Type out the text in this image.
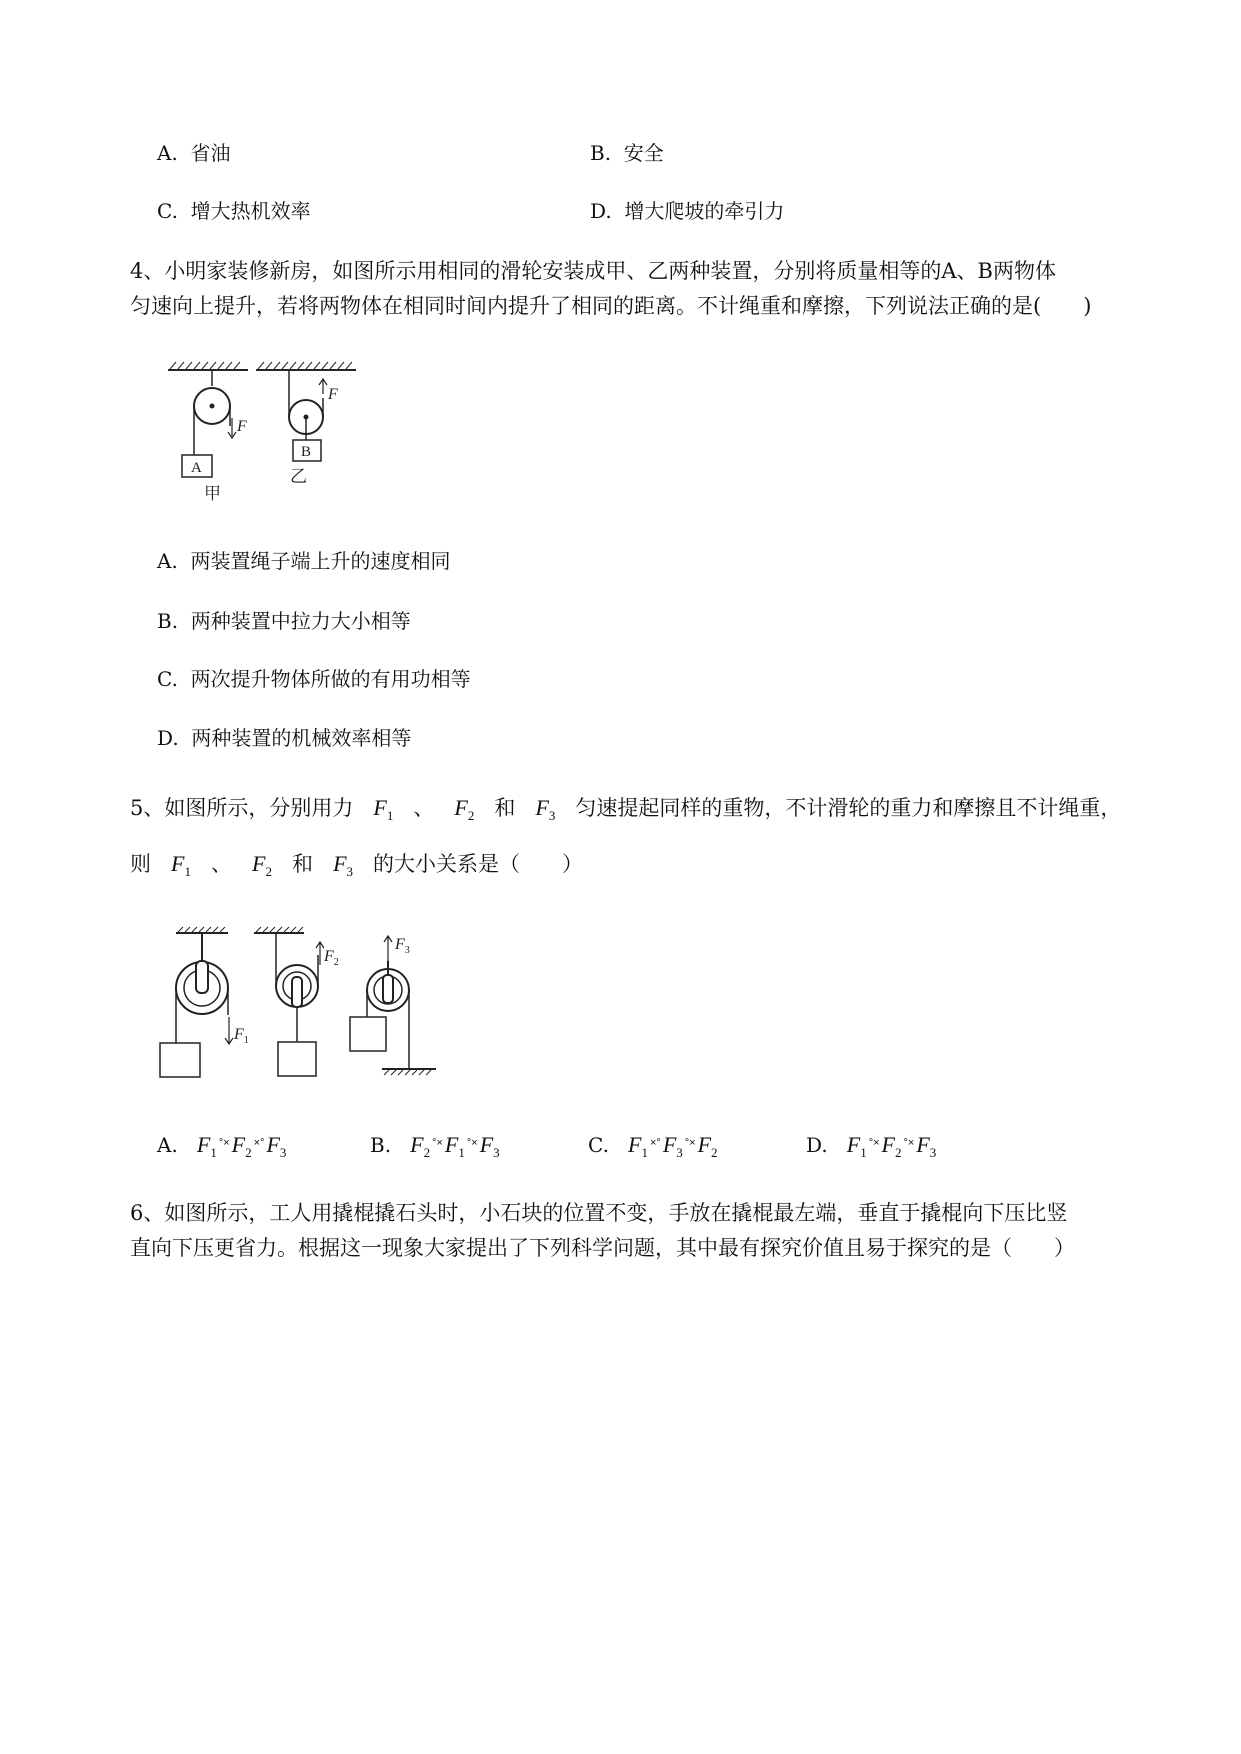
A. 省油	B. 安全
C. 增大热机效率	D. 增大爬坡的牵引力
4、小明家装修新房，如图所示用相同的滑轮安装成甲、乙两种装置，分别将质量相等的A、B两物体
匀速向上提升，若将两物体在相同时间内提升了相同的距离。不计绳重和摩擦，下列说法正确的是(　　)
F
A
甲
F
B
乙
A. 两装置绳子端上升的速度相同
B. 两种装置中拉力大小相等
C. 两次提升物体所做的有用功相等
D. 两种装置的机械效率相等
5、如图所示，分别用力 $F_1$ 、 $F_2$ 和 $F_3$ 匀速提起同样的重物，不计滑轮的重力和摩擦且不计绳重，
则 $F_1$ 、 $F_2$ 和 $F_3$ 的大小关系是（　　）
$F_1$
$F_2$
$F_3$
A. $F_1^{^\circ\times}F_2^{\times^\circ}F_3$	B. $F_2^{^\circ\times}F_1^{^\circ\times}F_3$	C. $F_1^{\times^\circ}F_3^{^\circ\times}F_2$	D. $F_1^{^\circ\times}F_2^{^\circ\times}F_3$
6、如图所示，工人用撬棍撬石头时，小石块的位置不变，手放在撬棍最左端，垂直于撬棍向下压比竖
直向下压更省力。根据这一现象大家提出了下列科学问题，其中最有探究价值且易于探究的是（　　）
